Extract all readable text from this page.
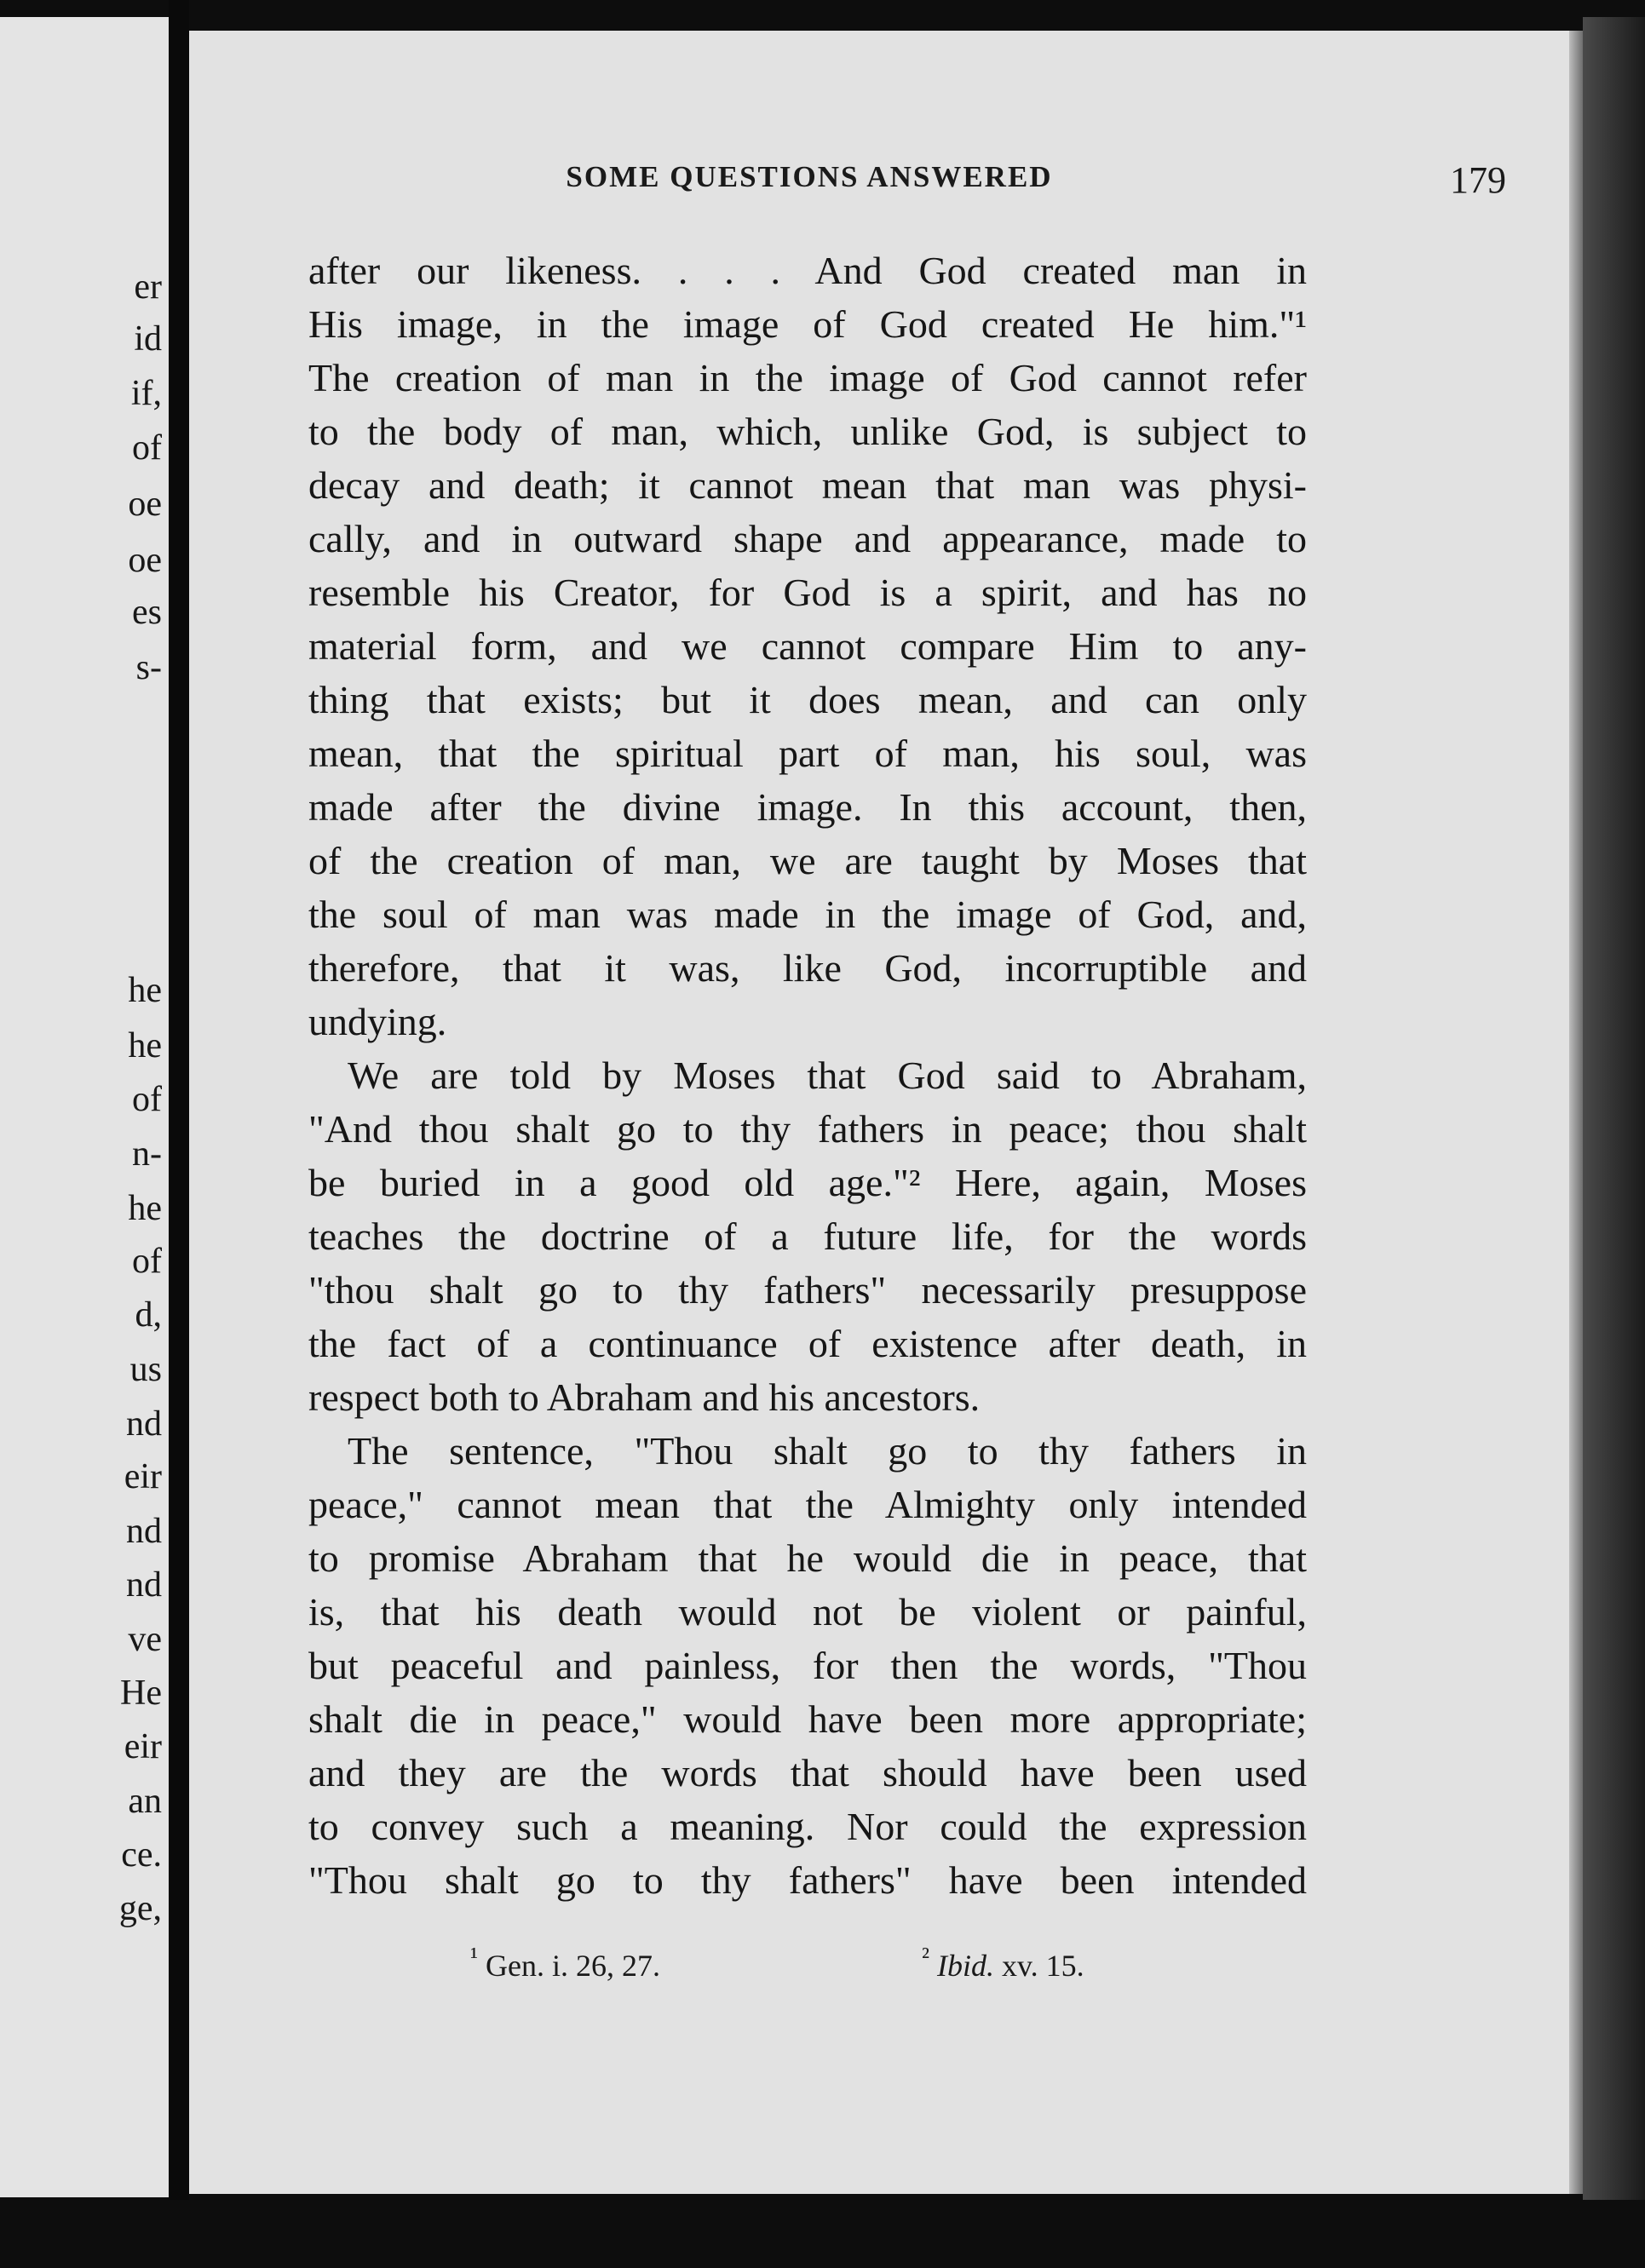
er
id
if,
of
oe
oe
es
s-
he
he
of
n-
he
of
d,
us
nd
eir
nd
nd
ve
He
eir
an
ce.
ge,
SOME QUESTIONS ANSWERED	179
after our likeness. . . . And God created man in
His image, in the image of God created He him."¹
The creation of man in the image of God cannot refer
to the body of man, which, unlike God, is subject to
decay and death; it cannot mean that man was physi-
cally, and in outward shape and appearance, made to
resemble his Creator, for God is a spirit, and has no
material form, and we cannot compare Him to any-
thing that exists; but it does mean, and can only
mean, that the spiritual part of man, his soul, was
made after the divine image. In this account, then,
of the creation of man, we are taught by Moses that
the soul of man was made in the image of God, and,
therefore, that it was, like God, incorruptible and
undying.
We are told by Moses that God said to Abraham,
"And thou shalt go to thy fathers in peace; thou shalt
be buried in a good old age."² Here, again, Moses
teaches the doctrine of a future life, for the words
"thou shalt go to thy fathers" necessarily presuppose
the fact of a continuance of existence after death, in
respect both to Abraham and his ancestors.
The sentence, "Thou shalt go to thy fathers in
peace," cannot mean that the Almighty only intended
to promise Abraham that he would die in peace, that
is, that his death would not be violent or painful,
but peaceful and painless, for then the words, "Thou
shalt die in peace," would have been more appropriate;
and they are the words that should have been used
to convey such a meaning. Nor could the expression
"Thou shalt go to thy fathers" have been intended
$^{^1}$ Gen. i. 26, 27.	$^{^2}$ Ibid. xv. 15.
